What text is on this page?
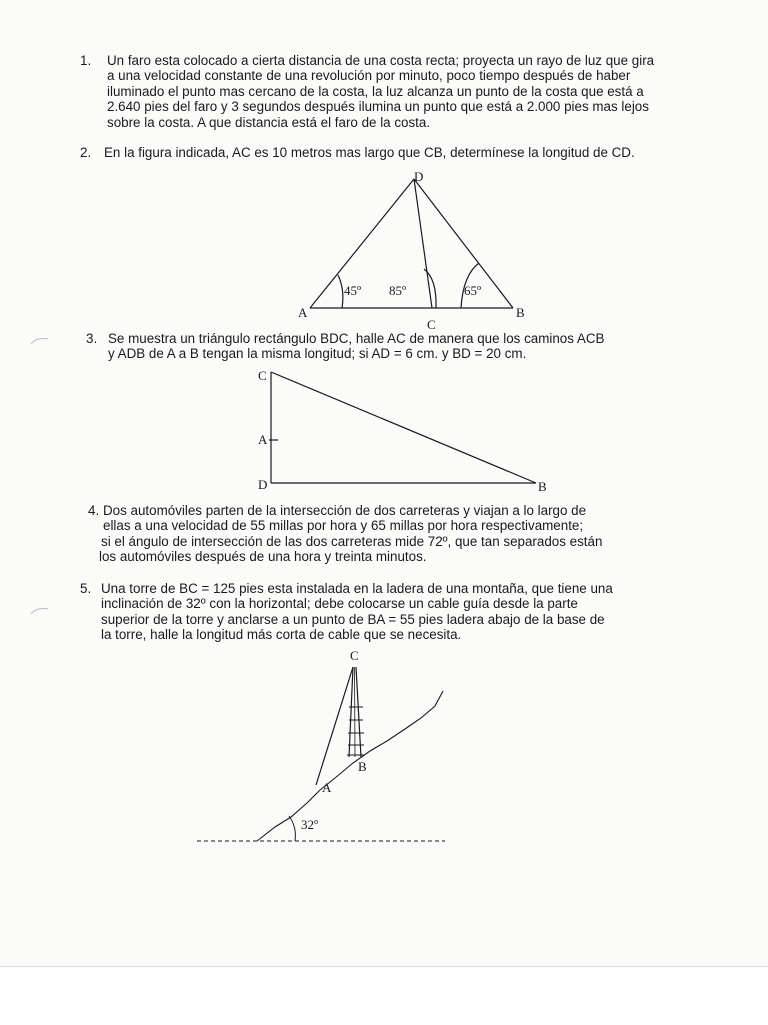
1. Un faro esta colocado a cierta distancia de una costa recta; proyecta un rayo de luz que gira
a una velocidad constante de una revolución por minuto, poco tiempo después de haber
iluminado el punto mas cercano de la costa, la luz alcanza un punto de la costa que está a
2.640 pies del faro y 3 segundos después ilumina un punto que está a 2.000 pies mas lejos
sobre la costa. A que distancia está el faro de la costa.
2. En la figura indicada, AC es 10 metros mas largo que CB, determínese la longitud de CD.
D
A	B
C
45º 85º	65º
3. Se muestra un triángulo rectángulo BDC, halle AC de manera que los caminos ACB
y ADB de A a B tengan la misma longitud; si AD = 6 cm. y BD = 20 cm.
C
A
D	B
4. Dos automóviles parten de la intersección de dos carreteras y viajan a lo largo de
ellas a una velocidad de 55 millas por hora y 65 millas por hora respectivamente;
si el ángulo de intersección de las dos carreteras mide 72º, que tan separados están
los automóviles después de una hora y treinta minutos.
5. Una torre de BC = 125 pies esta instalada en la ladera de una montaña, que tiene una
inclinación de 32º con la horizontal; debe colocarse un cable guía desde la parte
superior de la torre y anclarse a un punto de BA = 55 pies ladera abajo de la base de
la torre, halle la longitud más corta de cable que se necesita.
C
B
A
32º
